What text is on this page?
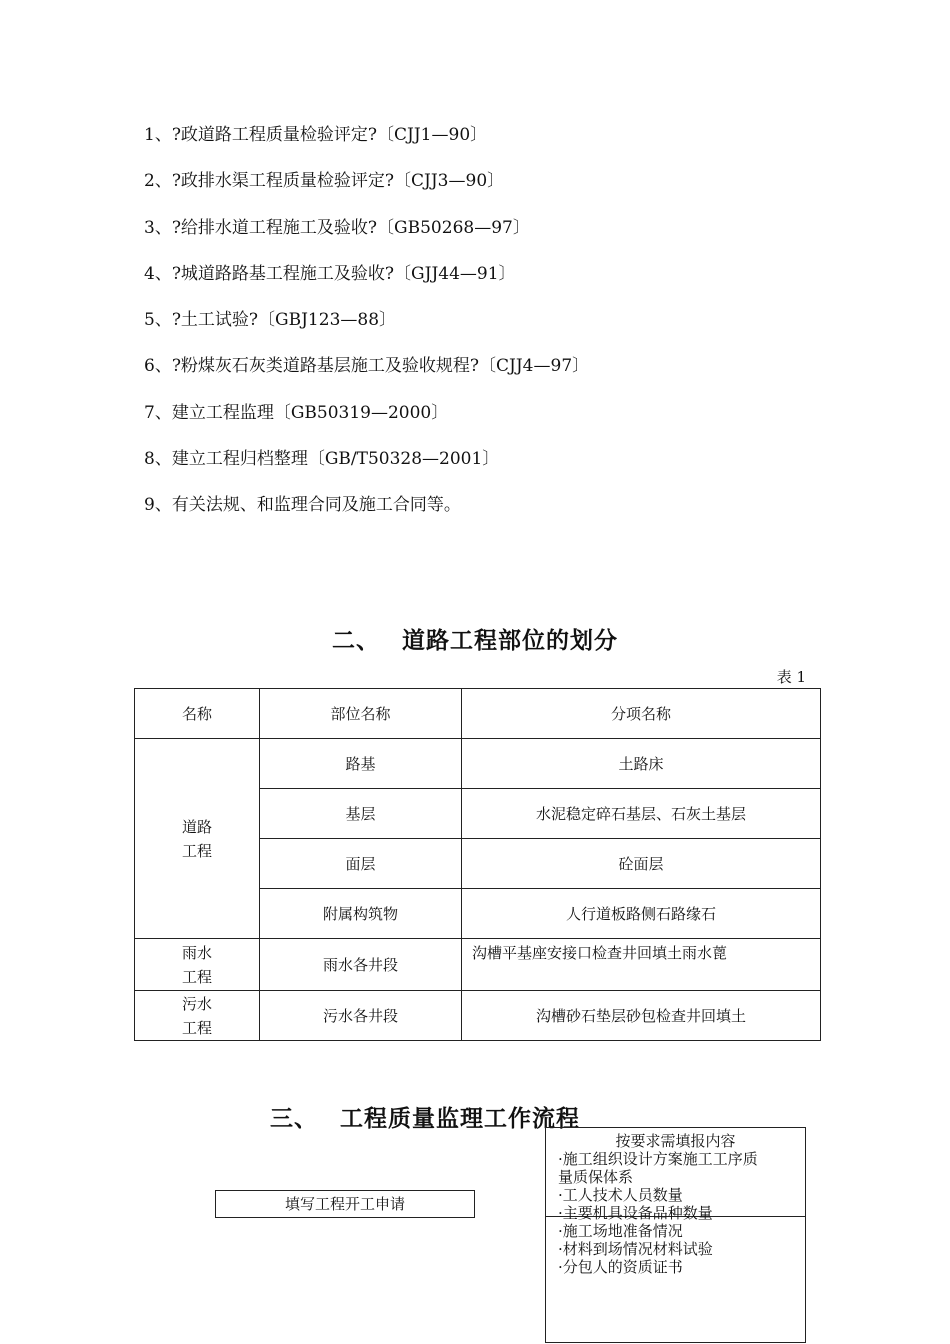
1、?政道路工程质量检验评定?〔CJJ1—90〕
2、?政排水渠工程质量检验评定?〔CJJ3—90〕
3、?给排水道工程施工及验收?〔GB50268—97〕
4、?城道路路基工程施工及验收?〔GJJ44—91〕
5、?土工试验?〔GBJ123—88〕
6、?粉煤灰石灰类道路基层施工及验收规程?〔CJJ4—97〕
7、建立工程监理〔GB50319—2000〕
8、建立工程归档整理〔GB/T50328—2001〕
9、有关法规、和监理合同及施工合同等。
二、 道路工程部位的划分
表 1
名称	部位名称	分项名称

道路
工程	路基	土路床
	基层	水泥稳定碎石基层、石灰土基层
	面层	砼面层
	附属构筑物	人行道板路侧石路缘石

雨水
工程	雨水各井段	沟槽平基座安接口检查井回填土雨水蓖

污水
工程	污水各井段	沟槽砂石垫层砂包检查井回填土
三、 工程质量监理工作流程
填写工程开工申请
按要求需填报内容
·施工组织设计方案施工工序质
量质保体系
·工人技术人员数量
·主要机具设备品种数量
·施工场地准备情况
·材料到场情况材料试验
·分包人的资质证书
